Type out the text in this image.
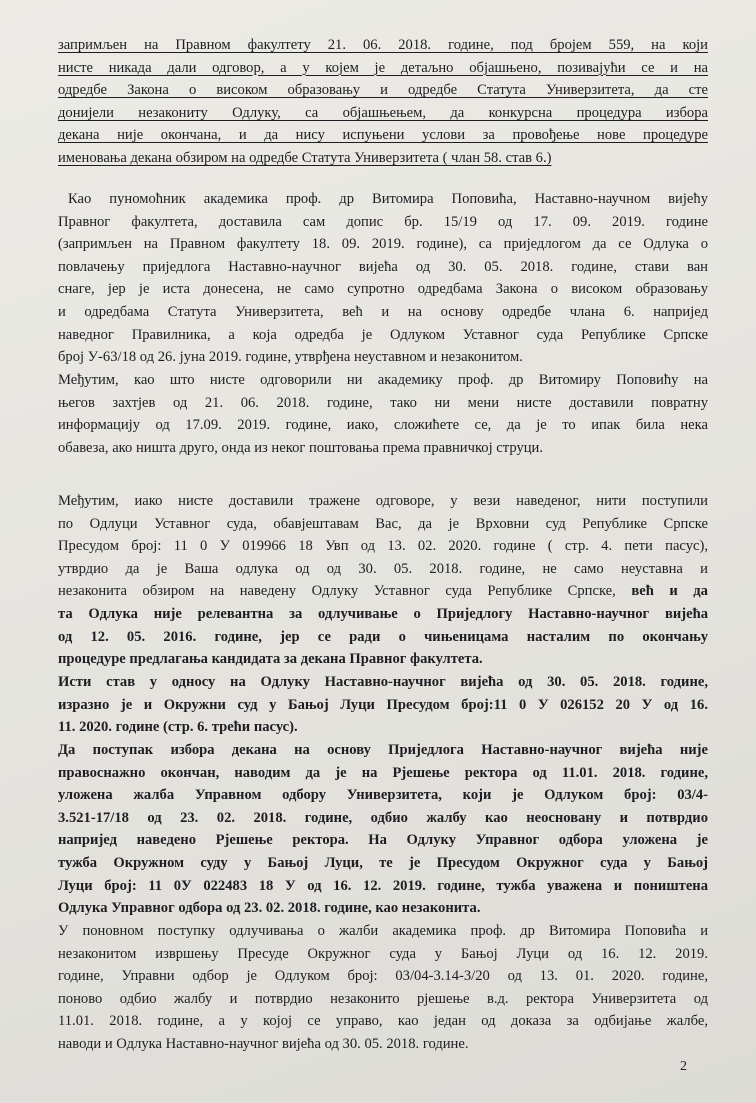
запримљен на Правном факултету 21. 06. 2018. године, под бројем 559, на који
нисте никада дали одговор, а у којем је детаљно објашњено, позивајући се и на
одредбе Закона о високом образовању и одредбе Статута Универзитета, да сте
донијели незакониту Одлуку, са објашњењем, да конкурсна процедура избора
декана није окончана, и да нису испуњени услови за провођење нове процедуре
именовања декана обзиром на одредбе Статута Универзитета ( члан 58. став 6.)
Као пуномоћник академика проф. др Витомира Поповића, Наставно-научном вијећу
Правног факултета, доставила сам допис бр. 15/19 од 17. 09. 2019. године
(запримљен на Правном факултету 18. 09. 2019. године), са приједлогом да се Одлука о
повлачењу приједлога Наставно-научног вијећа од 30. 05. 2018. године, стави ван
снаге, јер је иста донесена, не само супротно одредбама Закона о високом образовању
и одредбама Статута Универзитета, већ и на основу одредбе члана 6. наприjед
наведног Правилника, а која одредба је Одлуком Уставног суда Републике Српске
број У-63/18 од 26. јуна 2019. године, утврђена неуставном и незаконитом.
Међутим, као што нисте одговорили ни академику проф. др Витомиру Поповићу на
његов захтјев од 21. 06. 2018. године, тако ни мени нисте доставили повратну
информацију од 17.09. 2019. године, иако, сложићете се, да је то ипак била нека
обавеза, ако ништа друго, онда из неког поштовања према правничкој струци.
Међутим, иако нисте доставили тражене одговоре, у вези наведеног, нити поступили
по Одлуци Уставног суда, обавјештавам Вас, да је Врховни суд Републике Српске
Пресудом број: 11 0 У 019966 18 Увп од 13. 02. 2020. године ( стр. 4. пети пасус),
утврдио да је Ваша одлука од од 30. 05. 2018. године, не само неуставна и
незаконита обзиром на наведену Одлуку Уставног суда Републике Српске, већ и да
та Одлука није релевантна за одлучивање о Приједлогу Наставно-научног вијећа
од 12. 05. 2016. године, јер се ради о чињеницама насталим по окончању
процедуре предлагања кандидата за декана Правног факултета.
Исти став у односу на Одлуку Наставно-научног вијећа од 30. 05. 2018. године,
изразно је и Окружни суд у Бањој Луци Пресудом број:11 0 У 026152 20 У од 16.
11. 2020. године (стр. 6. трећи пасус).
Да поступак избора декана на основу Приједлога Наставно-научног вијећа није
правоснажно окончан, наводим да је на Рјешење ректора од 11.01. 2018. године,
уложена жалба Управном одбору Универзитета, који је Одлуком број: 03/4-
3.521-17/18 од 23. 02. 2018. године, одбио жалбу као неосновану и потврдио
напријед наведено Рјешење ректора. На Одлуку Управног одбора уложена је
тужба Окружном суду у Бањој Луци, те је Пресудом Окружног суда у Бањој
Луци број: 11 0У 022483 18 У од 16. 12. 2019. године, тужба уважена и поништена
Одлука Управног одбора од 23. 02. 2018. године, као незаконита.
У поновном поступку одлучивања о жалби академика проф. др Витомира Поповића и
незаконитом извршењу Пресуде Окружног суда у Бањој Луци од 16. 12. 2019.
године, Управни одбор је Одлуком број: 03/04-3.14-3/20 од 13. 01. 2020. године,
поново одбио жалбу и потврдио незаконито рјешење в.д. ректора Универзитета од
11.01. 2018. године, а у којој се управо, као један од доказа за одбијање жалбе,
наводи и Одлука Наставно-научног вијећа од 30. 05. 2018. године.
2
